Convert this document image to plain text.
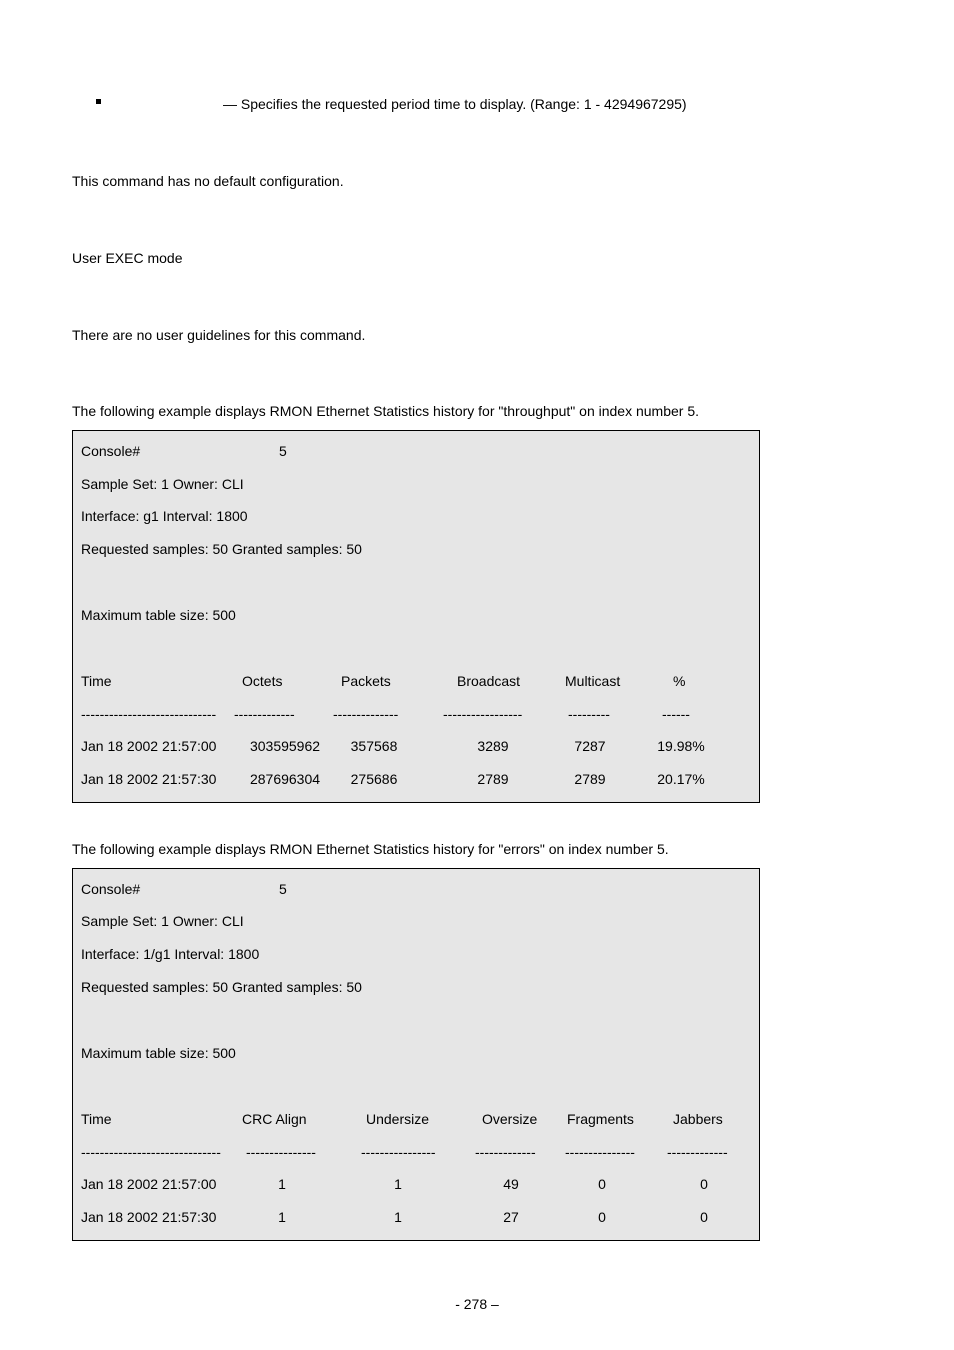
— Specifies the requested period time to display. (Range: 1 - 4294967295)
This command has no default configuration.
User EXEC mode
There are no user guidelines for this command.
The following example displays RMON Ethernet Statistics history for "throughput" on index number 5.
Console#	5
Sample Set: 1 Owner: CLI
Interface: g1 Interval: 1800
Requested samples: 50 Granted samples: 50
Maximum table size: 500
Time	Octets	Packets	Broadcast	Multicast	%
----------------------------- -------------	--------------	-----------------	---------	------
Jan 18 2002 21:57:00 303595962 357568	3289	7287	19.98%
Jan 18 2002 21:57:30 287696304 275686	2789	2789	20.17%
The following example displays RMON Ethernet Statistics history for "errors" on index number 5.
Console#	5
Sample Set: 1 Owner: CLI
Interface: 1/g1 Interval: 1800
Requested samples: 50 Granted samples: 50
Maximum table size: 500
Time	CRC Align	Undersize	Oversize Fragments	Jabbers
------------------------------ ---------------	----------------	------------- --------------- -------------
Jan 18 2002 21:57:00	1	1	49	0	0
Jan 18 2002 21:57:30	1	1	27	0	0
- 278 –
